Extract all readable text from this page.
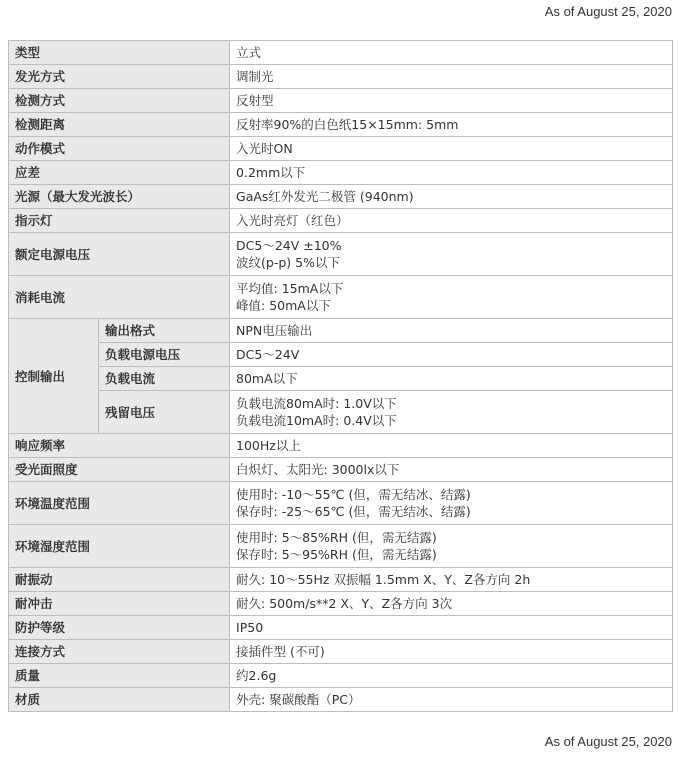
As of August 25, 2020
类型		立式
发光方式		调制光
检测方式		反射型
检测距离		反射率90%的白色纸15×15mm: 5mm
动作模式		入光时ON
应差		0.2mm以下
光源（最大发光波长）		GaAs红外发光二极管 (940nm)
指示灯		入光时亮灯（红色）
额定电源电压		DC5～24V ±10%
波纹(p-p) 5%以下

消耗电流		平均值: 15mA以下
峰值: 50mA以下

控制输出	输出格式	NPN电压输出
	负载电源电压	DC5～24V
	负载电流	80mA以下
	残留电压	负载电流80mA时: 1.0V以下
负载电流10mA时: 0.4V以下

响应频率		100Hz以上
受光面照度		白炽灯、太阳光: 3000lx以下
环境温度范围		使用时: -10～55℃ (但，需无结冰、结露)
保存时: -25～65℃ (但，需无结冰、结露)

环境湿度范围		使用时: 5～85%RH (但，需无结露)
保存时: 5～95%RH (但，需无结露)

耐振动		耐久: 10～55Hz 双振幅 1.5mm X、Y、Z各方向 2h
耐冲击		耐久: 500m/s**2 X、Y、Z各方向 3次
防护等级		IP50
连接方式		接插件型 (不可)
质量		约2.6g
材质		外壳: 聚碳酸酯（PC）
As of August 25, 2020
